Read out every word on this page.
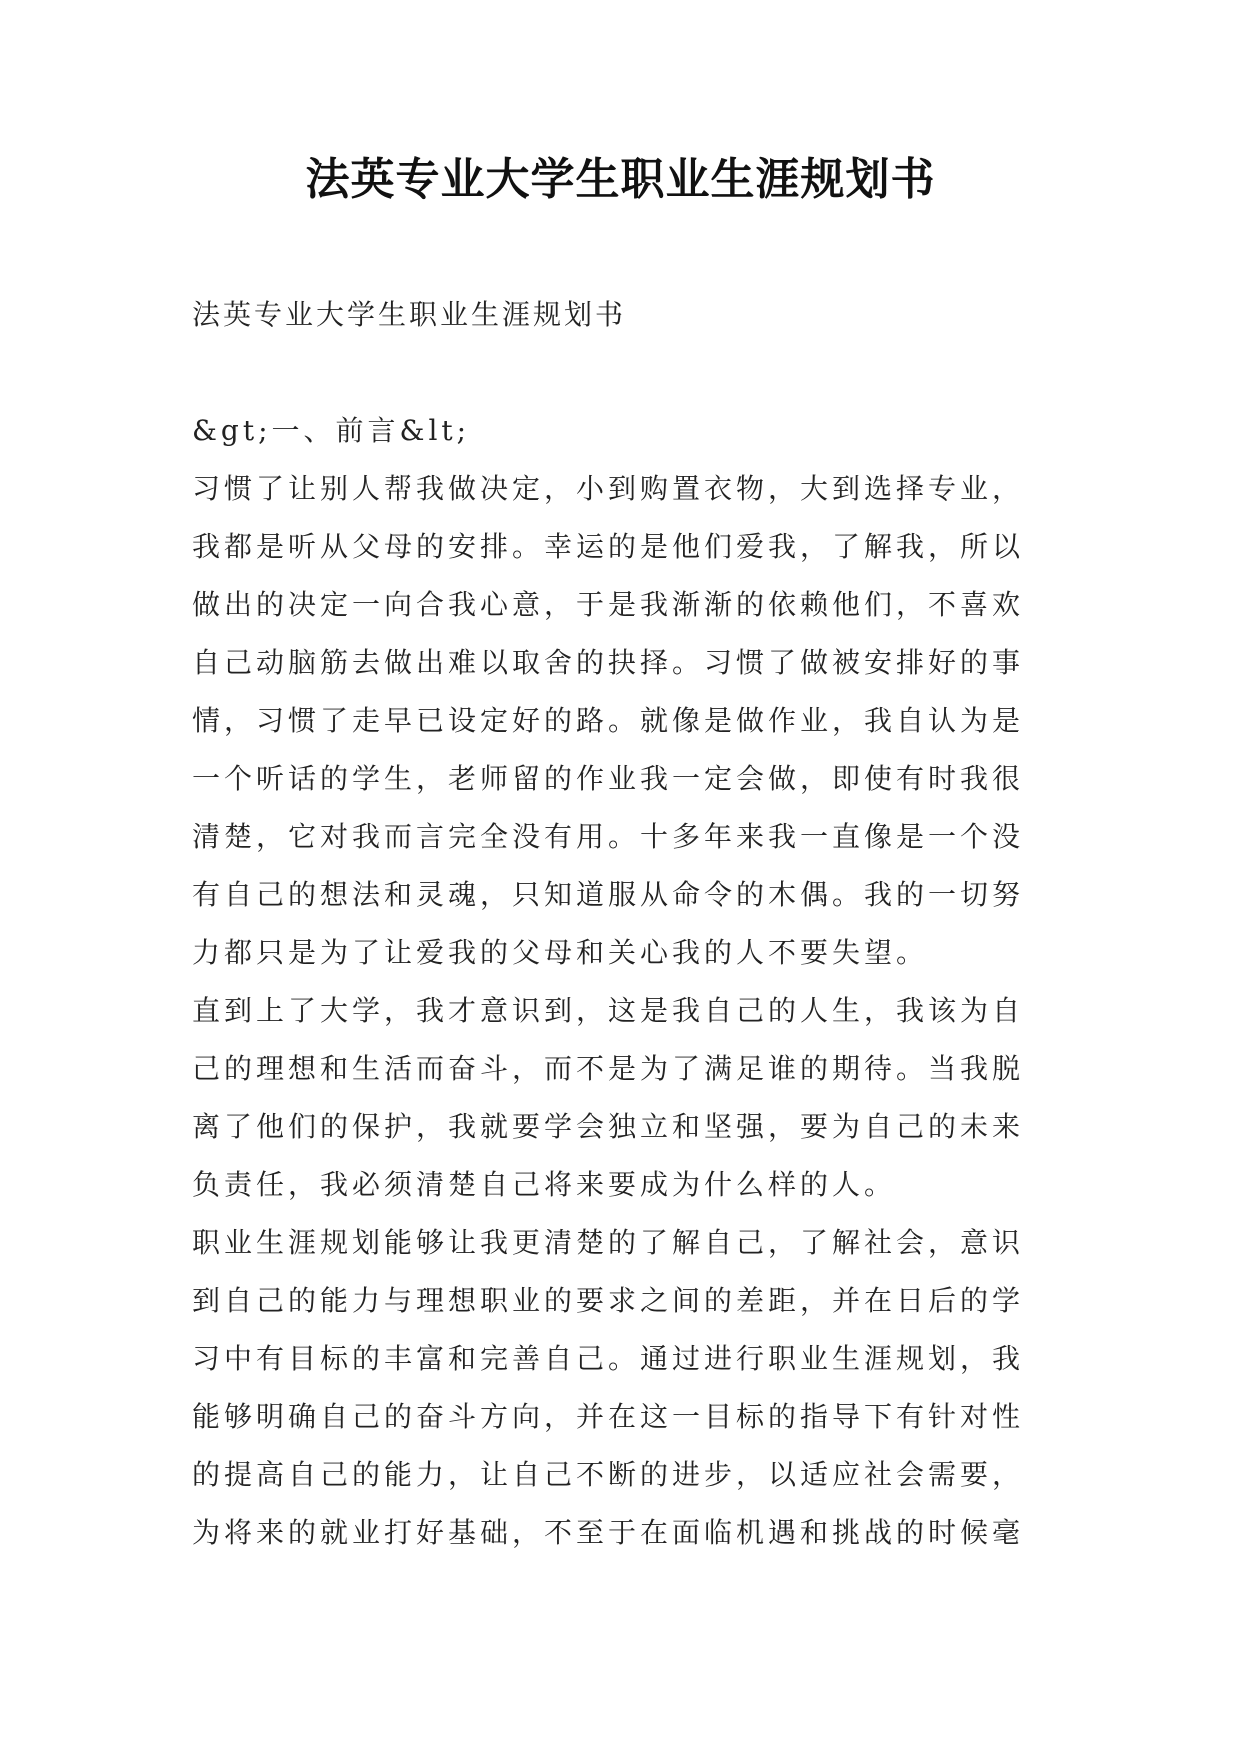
法英专业大学生职业生涯规划书

法英专业大学生职业生涯规划书

&gt;一、前言&lt;

习惯了让别人帮我做决定，小到购置衣物，大到选择专业，

我都是听从父母的安排。幸运的是他们爱我，了解我，所以

做出的决定一向合我心意，于是我渐渐的依赖他们，不喜欢

自己动脑筋去做出难以取舍的抉择。习惯了做被安排好的事

情，习惯了走早已设定好的路。就像是做作业，我自认为是

一个听话的学生，老师留的作业我一定会做，即使有时我很

清楚，它对我而言完全没有用。十多年来我一直像是一个没

有自己的想法和灵魂，只知道服从命令的木偶。我的一切努

力都只是为了让爱我的父母和关心我的人不要失望。

直到上了大学，我才意识到，这是我自己的人生，我该为自

己的理想和生活而奋斗，而不是为了满足谁的期待。当我脱

离了他们的保护，我就要学会独立和坚强，要为自己的未来

负责任，我必须清楚自己将来要成为什么样的人。

职业生涯规划能够让我更清楚的了解自己，了解社会，意识

到自己的能力与理想职业的要求之间的差距，并在日后的学

习中有目标的丰富和完善自己。通过进行职业生涯规划，我

能够明确自己的奋斗方向，并在这一目标的指导下有针对性

的提高自己的能力，让自己不断的进步，以适应社会需要，

为将来的就业打好基础，不至于在面临机遇和挑战的时候毫
